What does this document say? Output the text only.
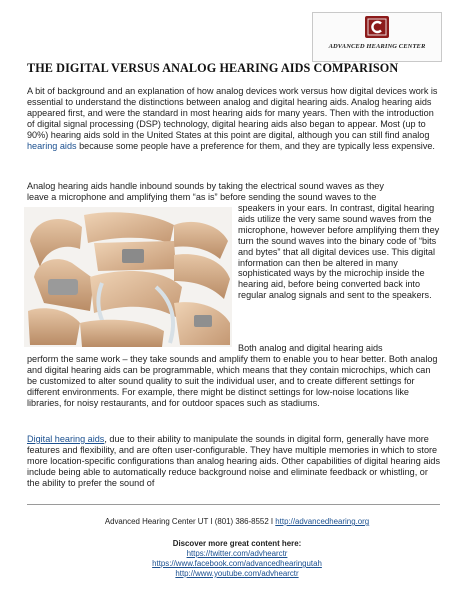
ADVANCED HEARING CENTER
THE DIGITAL VERSUS ANALOG HEARING AIDS COMPARISON
A bit of background and an explanation of how analog devices work versus how digital devices work is essential to understand the distinctions between analog and digital hearing aids. Analog hearing aids appeared first, and were the standard in most hearing aids for many years. Then with the introduction of digital signal processing (DSP) technology, digital hearing aids also began to appear. Most (up to 90%) hearing aids sold in the United States at this point are digital, although you can still find analog hearing aids because some people have a preference for them, and they are typically less expensive.
Analog hearing aids handle inbound sounds by taking the electrical sound waves as they
leave a microphone and amplifying them “as is” before sending the sound waves to the
speakers in your ears. In contrast, digital hearing aids utilize the very same sound waves from the microphone, however before amplifying them they turn the sound waves into the binary code of “bits and bytes” that all digital devices use. This digital information can then be altered in many sophisticated ways by the microchip inside the hearing aid, before being converted back into regular analog signals and sent to the speakers.
Both analog and digital hearing aids
perform the same work – they take sounds and amplify them to enable you to hear better. Both analog and digital hearing aids can be programmable, which means that they contain microchips, which can be customized to alter sound quality to suit the individual user, and to create different settings for different environments. For example, there might be distinct settings for low-noise locations like libraries, for noisy restaurants, and for outdoor spaces such as stadiums.
Digital hearing aids, due to their ability to manipulate the sounds in digital form, generally have more features and flexibility, and are often user-configurable. They have multiple memories in which to store more location-specific configurations than analog hearing aids. Other capabilities of digital hearing aids include being able to automatically reduce background noise and eliminate feedback or whistling, or the ability to prefer the sound of
Advanced Hearing Center UT I (801) 386-8552 I http://advancedhearing.org
Discover more great content here:
https://twitter.com/advhearctr
https://www.facebook.com/advancedhearingutah
http://www.youtube.com/advhearctr
